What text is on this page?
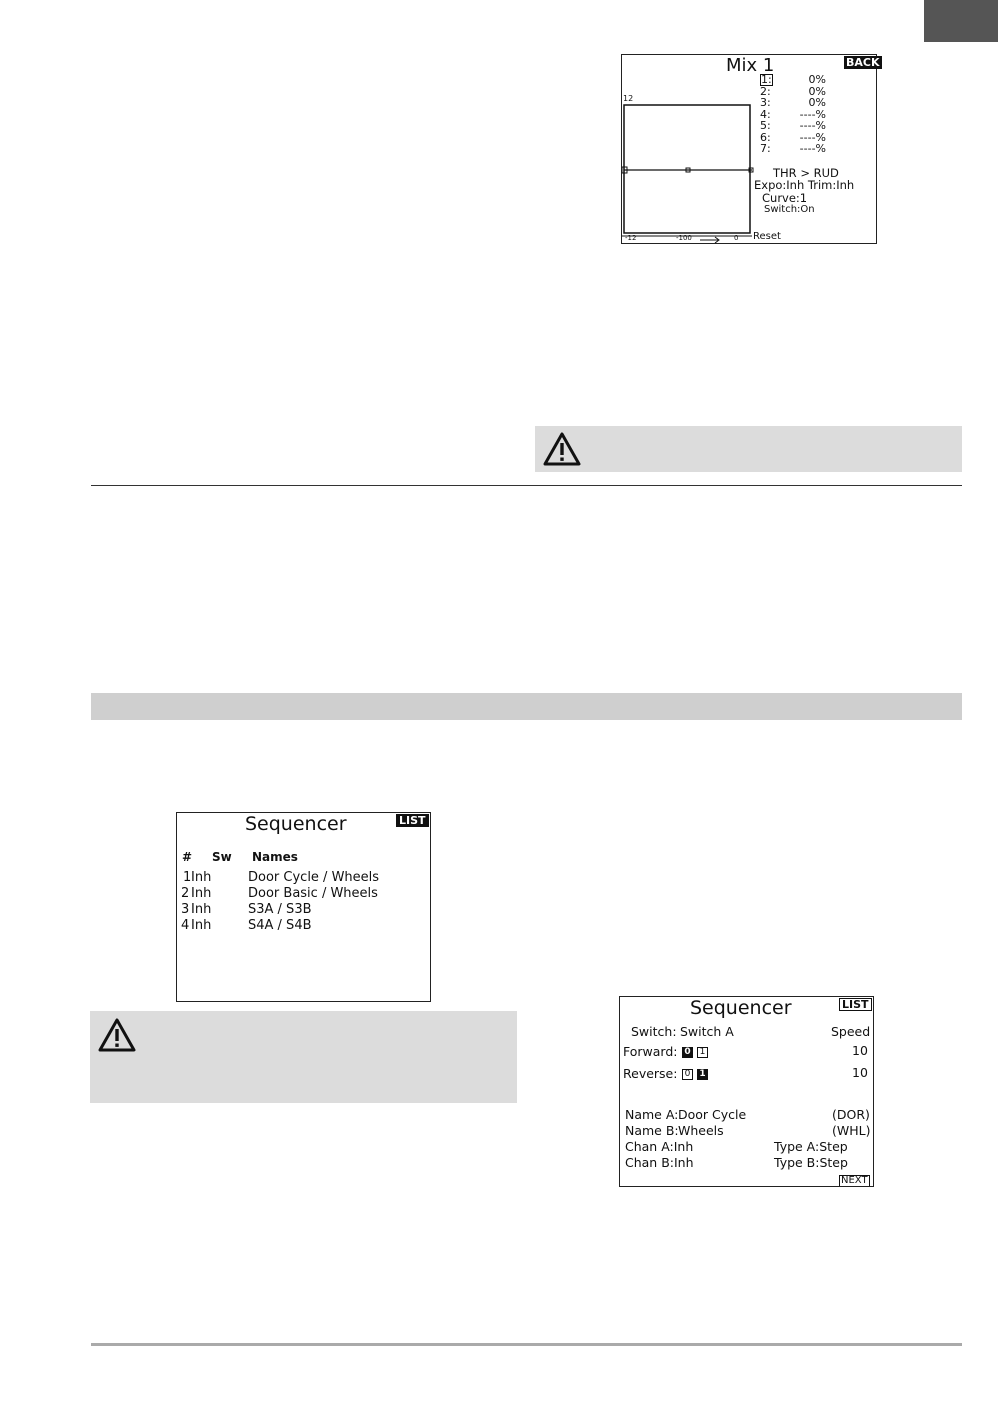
Mix 1	BACK
12
1:	0%
2:	0%
3:	0%
4:	----%
5:	----%
6:	----%
7:	----%
THR > RUD
Expo:Inh Trim:Inh
Curve:1
Switch:On
-12	-100	0 Reset
Sequencer	LIST
# Sw Names
1 Inh	Door Cycle / Wheels
2 Inh	Door Basic / Wheels
3 Inh	S3A / S3B
4 Inh	S4A / S4B
Sequencer	LIST
Switch: Switch A	Speed
Forward: 0 1	10
Reverse: 0 1	10
Name A: Door Cycle	(DOR)
Name B: Wheels	(WHL)
Chan A:Inh	Type A:Step
Chan B:Inh	Type B:Step
NEXT
